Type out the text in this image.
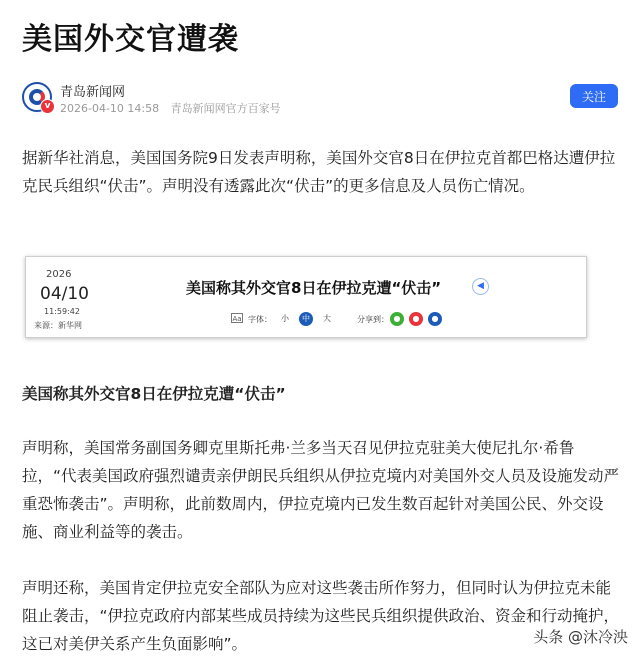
美国外交官遭袭
v
青岛新闻网
2026-04-10 14:58 青岛新闻网官方百家号
关注

据新华社消息，美国国务院9日发表声明称，美国外交官8日在伊拉克首都巴格达遭伊拉克民兵组织“伏击”。声明没有透露此次“伏击”的更多信息及人员伤亡情况。

2026
04/10
11:59:42
来源：新华网
美国称其外交官8日在伊拉克遭“伏击”	◀
Aa 字体：	小	中	大	分享到： ●	●	●

美国称其外交官8日在伊拉克遭“伏击”

声明称，美国常务副国务卿克里斯托弗·兰多当天召见伊拉克驻美大使尼扎尔·希鲁拉，“代表美国政府强烈谴责亲伊朗民兵组织从伊拉克境内对美国外交人员及设施发动严重恐怖袭击”。声明称，此前数周内，伊拉克境内已发生数百起针对美国公民、外交设施、商业利益等的袭击。

声明还称，美国肯定伊拉克安全部队为应对这些袭击所作努力，但同时认为伊拉克未能阻止袭击，“伊拉克政府内部某些成员持续为这些民兵组织提供政治、资金和行动掩护，这已对美伊关系产生负面影响”。	头条 @沐冷泱
